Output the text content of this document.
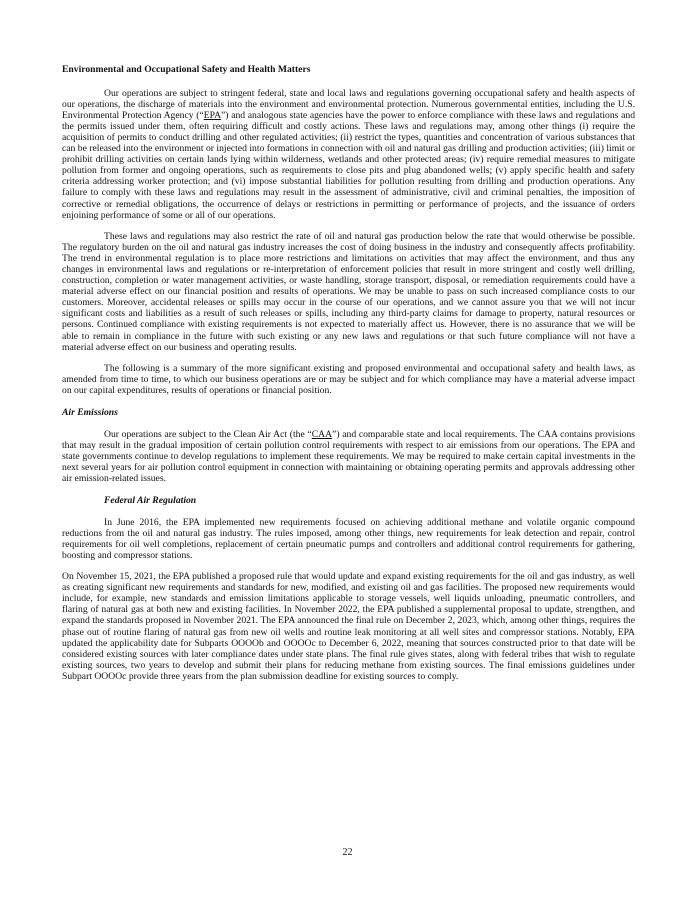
Environmental and Occupational Safety and Health Matters

Our operations are subject to stringent federal, state and local laws and regulations governing occupational safety and health aspects of our operations, the discharge of materials into the environment and environmental protection. Numerous governmental entities, including the U.S. Environmental Protection Agency (“EPA”) and analogous state agencies have the power to enforce compliance with these laws and regulations and the permits issued under them, often requiring difficult and costly actions. These laws and regulations may, among other things (i) require the acquisition of permits to conduct drilling and other regulated activities; (ii) restrict the types, quantities and concentration of various substances that can be released into the environment or injected into formations in connection with oil and natural gas drilling and production activities; (iii) limit or prohibit drilling activities on certain lands lying within wilderness, wetlands and other protected areas; (iv) require remedial measures to mitigate pollution from former and ongoing operations, such as requirements to close pits and plug abandoned wells; (v) apply specific health and safety criteria addressing worker protection; and (vi) impose substantial liabilities for pollution resulting from drilling and production operations. Any failure to comply with these laws and regulations may result in the assessment of administrative, civil and criminal penalties, the imposition of corrective or remedial obligations, the occurrence of delays or restrictions in permitting or performance of projects, and the issuance of orders enjoining performance of some or all of our operations.

These laws and regulations may also restrict the rate of oil and natural gas production below the rate that would otherwise be possible. The regulatory burden on the oil and natural gas industry increases the cost of doing business in the industry and consequently affects profitability. The trend in environmental regulation is to place more restrictions and limitations on activities that may affect the environment, and thus any changes in environmental laws and regulations or re-interpretation of enforcement policies that result in more stringent and costly well drilling, construction, completion or water management activities, or waste handling, storage transport, disposal, or remediation requirements could have a material adverse effect on our financial position and results of operations. We may be unable to pass on such increased compliance costs to our customers. Moreover, accidental releases or spills may occur in the course of our operations, and we cannot assure you that we will not incur significant costs and liabilities as a result of such releases or spills, including any third-party claims for damage to property, natural resources or persons. Continued compliance with existing requirements is not expected to materially affect us. However, there is no assurance that we will be able to remain in compliance in the future with such existing or any new laws and regulations or that such future compliance will not have a material adverse effect on our business and operating results.

The following is a summary of the more significant existing and proposed environmental and occupational safety and health laws, as amended from time to time, to which our business operations are or may be subject and for which compliance may have a material adverse impact on our capital expenditures, results of operations or financial position.

Air Emissions

Our operations are subject to the Clean Air Act (the “CAA”) and comparable state and local requirements. The CAA contains provisions that may result in the gradual imposition of certain pollution control requirements with respect to air emissions from our operations. The EPA and state governments continue to develop regulations to implement these requirements. We may be required to make certain capital investments in the next several years for air pollution control equipment in connection with maintaining or obtaining operating permits and approvals addressing other air emission-related issues.

Federal Air Regulation

In June 2016, the EPA implemented new requirements focused on achieving additional methane and volatile organic compound reductions from the oil and natural gas industry. The rules imposed, among other things, new requirements for leak detection and repair, control requirements for oil well completions, replacement of certain pneumatic pumps and controllers and additional control requirements for gathering, boosting and compressor stations.

On November 15, 2021, the EPA published a proposed rule that would update and expand existing requirements for the oil and gas industry, as well as creating significant new requirements and standards for new, modified, and existing oil and gas facilities. The proposed new requirements would include, for example, new standards and emission limitations applicable to storage vessels, well liquids unloading, pneumatic controllers, and flaring of natural gas at both new and existing facilities. In November 2022, the EPA published a supplemental proposal to update, strengthen, and expand the standards proposed in November 2021. The EPA announced the final rule on December 2, 2023, which, among other things, requires the phase out of routine flaring of natural gas from new oil wells and routine leak monitoring at all well sites and compressor stations. Notably, EPA updated the applicability date for Subparts OOOOb and OOOOc to December 6, 2022, meaning that sources constructed prior to that date will be considered existing sources with later compliance dates under state plans. The final rule gives states, along with federal tribes that wish to regulate existing sources, two years to develop and submit their plans for reducing methane from existing sources. The final emissions guidelines under Subpart OOOOc provide three years from the plan submission deadline for existing sources to comply.

22
